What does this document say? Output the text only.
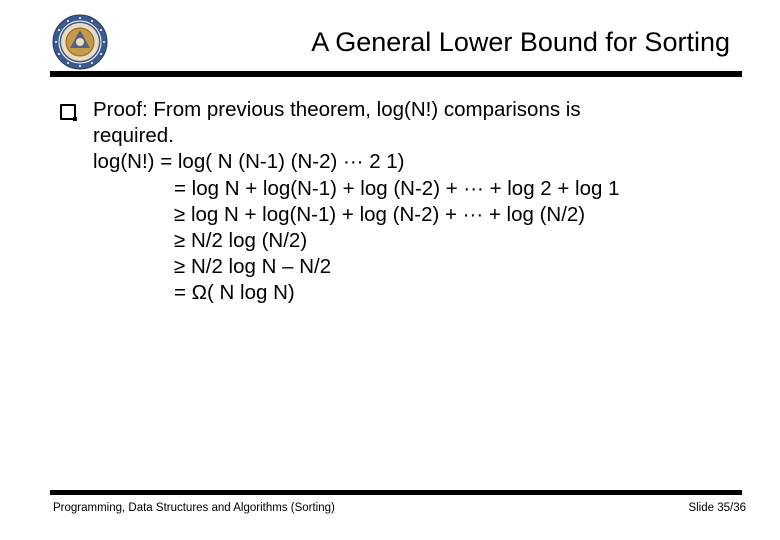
A General Lower Bound for Sorting
Proof: From previous theorem, log(N!) comparisons is
required.
log(N!) = log( N (N-1) (N-2) ··· 2 1)
= log N + log(N-1) + log (N-2) + ··· + log 2 + log 1
≥ log N + log(N-1) + log (N-2) + ··· + log (N/2)
≥ N/2 log (N/2)
≥ N/2 log N – N/2
= Ω( N log N)
Programming, Data Structures and Algorithms (Sorting)	Slide 35/36
